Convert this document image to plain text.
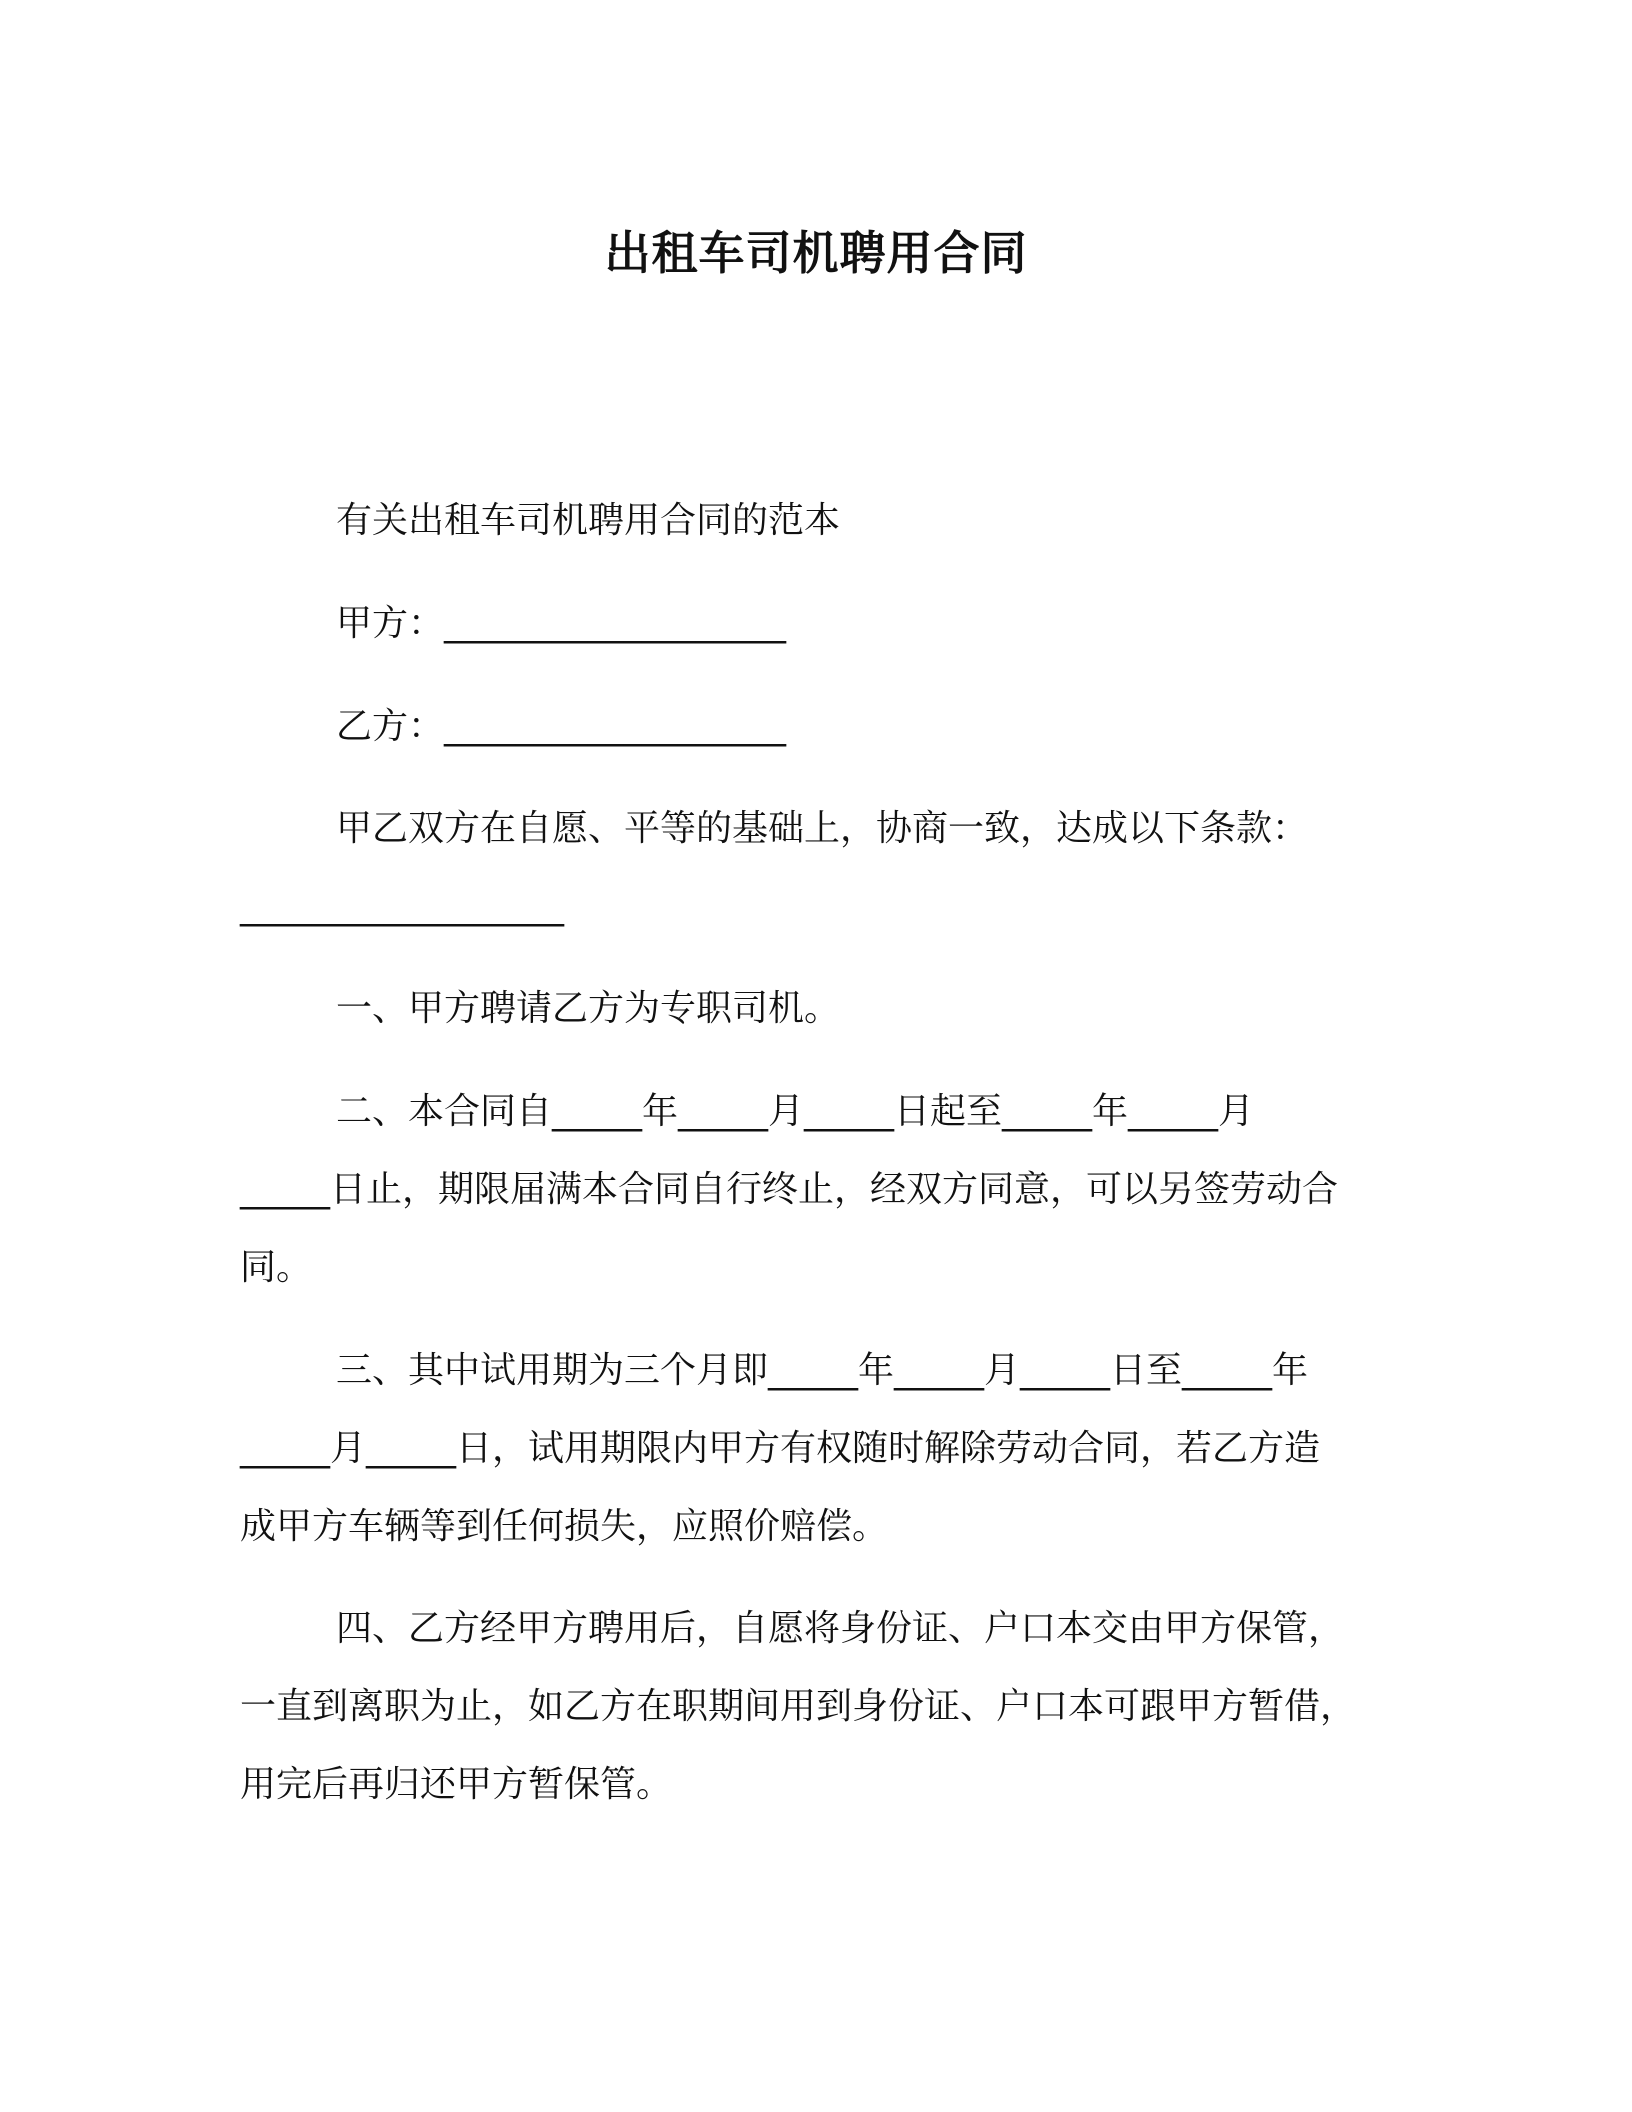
出租车司机聘用合同

有关出租车司机聘用合同的范本

甲方：___________________

乙方：___________________

甲乙双方在自愿、平等的基础上，协商一致，达成以下条款：
__________________

一、甲方聘请乙方为专职司机。

二、本合同自_____年_____月_____日起至_____年_____月
_____日止，期限届满本合同自行终止，经双方同意，可以另签劳动合
同。

三、其中试用期为三个月即_____年_____月_____日至_____年
_____月_____日，试用期限内甲方有权随时解除劳动合同，若乙方造
成甲方车辆等到任何损失，应照价赔偿。

四、乙方经甲方聘用后，自愿将身份证、户口本交由甲方保管，
一直到离职为止，如乙方在职期间用到身份证、户口本可跟甲方暂借，
用完后再归还甲方暂保管。
